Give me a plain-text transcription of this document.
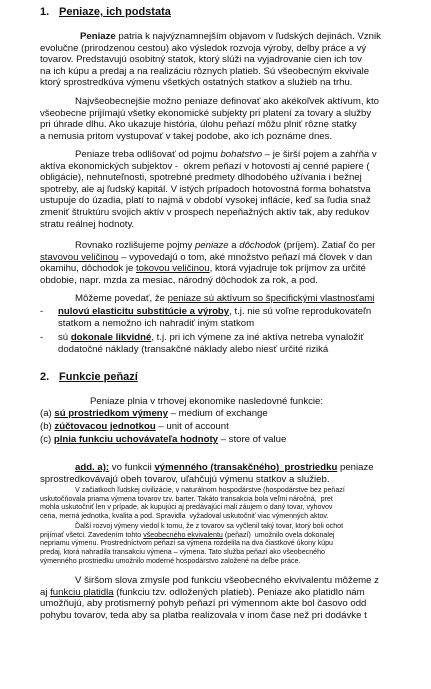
1. Peniaze, ich podstata
Peniaze patria k najvýznamnejším objavom v ľudských dejinách. Vznik
evolučne (prirodzenou cestou) ako výsledok rozvoja výroby, delby práce a vý
tovarov. Predstavujú osobitný statok, ktorý slúži na vyjadrovanie cien ich tov
na ich kúpu a predaj a na realizáciu rôznych platieb. Sú všeobecným ekvivale
ktorý sprostredkúva výmenu všetkých ostatných statkov a služieb na trhu.
Najvšeobecnejšie možno peniaze definovať ako akékoľvek aktívum, kto
všeobecne prijímajú všetky ekonomické subjekty pri platení za tovary a služby
pri úhrade dlhu. Ako ukazuje história, úlohu peňazí môžu plniť rôzne statky
a nemusia pritom vystupovať v takej podobe, ako ich poznáme dnes.
Peniaze treba odlišovať od pojmu bohatstvo – je širší pojem a zahŕňa v
aktíva ekonomických subjektov -  okrem peňazí v hotovosti aj cenné papiere (
obligácie), nehnuteľnosti, spotrebné predmety dlhodobého užívania i bežnej
spotreby, ale aj ľudský kapitál. V istých prípadoch hotovostná forma bohatstva
ustupuje do úzadia, platí to najmä v období vysokej inflácie, keď sa ľudia snaž
zmeniť štruktúru svojich aktív v prospech nepeňažných aktív tak, aby redukov
stratu reálnej hodnoty.
Rovnako rozlišujeme pojmy peniaze a dôchodok (príjem). Zatiaľ čo per
stavovou veličinou – vypovedajú o tom, aké množstvo peňazí má človek v dan
okamihu, dôchodok je tokovou veličinou, ktorá vyjadruje tok príjmov za určité
obdobie, napr. mzda za mesiac, národný dôchodok za rok, a pod.
Môžeme povedať, že peniaze sú aktívum so špecifickými vlastnosťami
- nulovú elasticitu substitúcie a výroby, t.j. nie sú voľne reprodukovateľn
statkom a nemožno ich nahradiť iným statkom
- sú dokonale likvidné, t.j. pri ich výmene za iné aktíva netreba vynaložiť
dodatočné náklady (transakčné náklady alebo niesť určité riziká
2. Funkcie peňazí
Peniaze plnia v trhovej ekonomike nasledovné funkcie:
(a) sú prostriedkom výmeny – medium of exchange
(b) zúčtovacou jednotkou – unit of account
(c) plnia funkciu uchovávateľa hodnoty – store of value
add. a): vo funkcii výmenného (transakčného)  prostriedku peniaze
sprostredkovávajú obeh tovarov, uľahčujú výmenu statkov a služieb.
V začiatkoch ľudskej civilizácie, v naturálnom hospodárstve (hospodárstve bez peňazí
uskutočňovala priama výmena tovarov tzv. barter. Takáto transakcia bola veľmi náročná,  pret
mohla uskutočniť len v prípade, ak kupujúci aj predávajúci mali záujem o daný tovar, vyhovov
cena, merná jednotka, kvalita a pod. Spravidla  vyžadoval uskutočniť viac výmenných aktov.
Ďalší rozvoj výmeny viedol k tomu, že z tovarov sa vyčlenil taký tovar, ktorý boli ochot
prijímať všetci. Zavedením tohto všeobecného ekvivalentu (peňazí)  umožnilo ovela dokonalej
nepriamu výmenu. Prostredníctvom peňazí sa výmena rozdelila na dva čiastkové úkony kúpu
predaj, ktorá nahradila transakciu výmena – výmena. Tato služba peňazí ako všeobecného
výmenného prostriedku umožnilo moderné hospodárstvo založené na deľbe práce.
V širšom slova zmysle pod funkciu všeobecného ekvivalentu môžeme z
aj funkciu platidla (funkciu tzv. odložených platieb). Peniaze ako platidlo nám
umožňujú, aby protismerný pohyb peňazí pri výmennom akte bol časovo odd
pohybu tovarov, teda aby sa platba realizovala v inom čase než pri dodávke t
